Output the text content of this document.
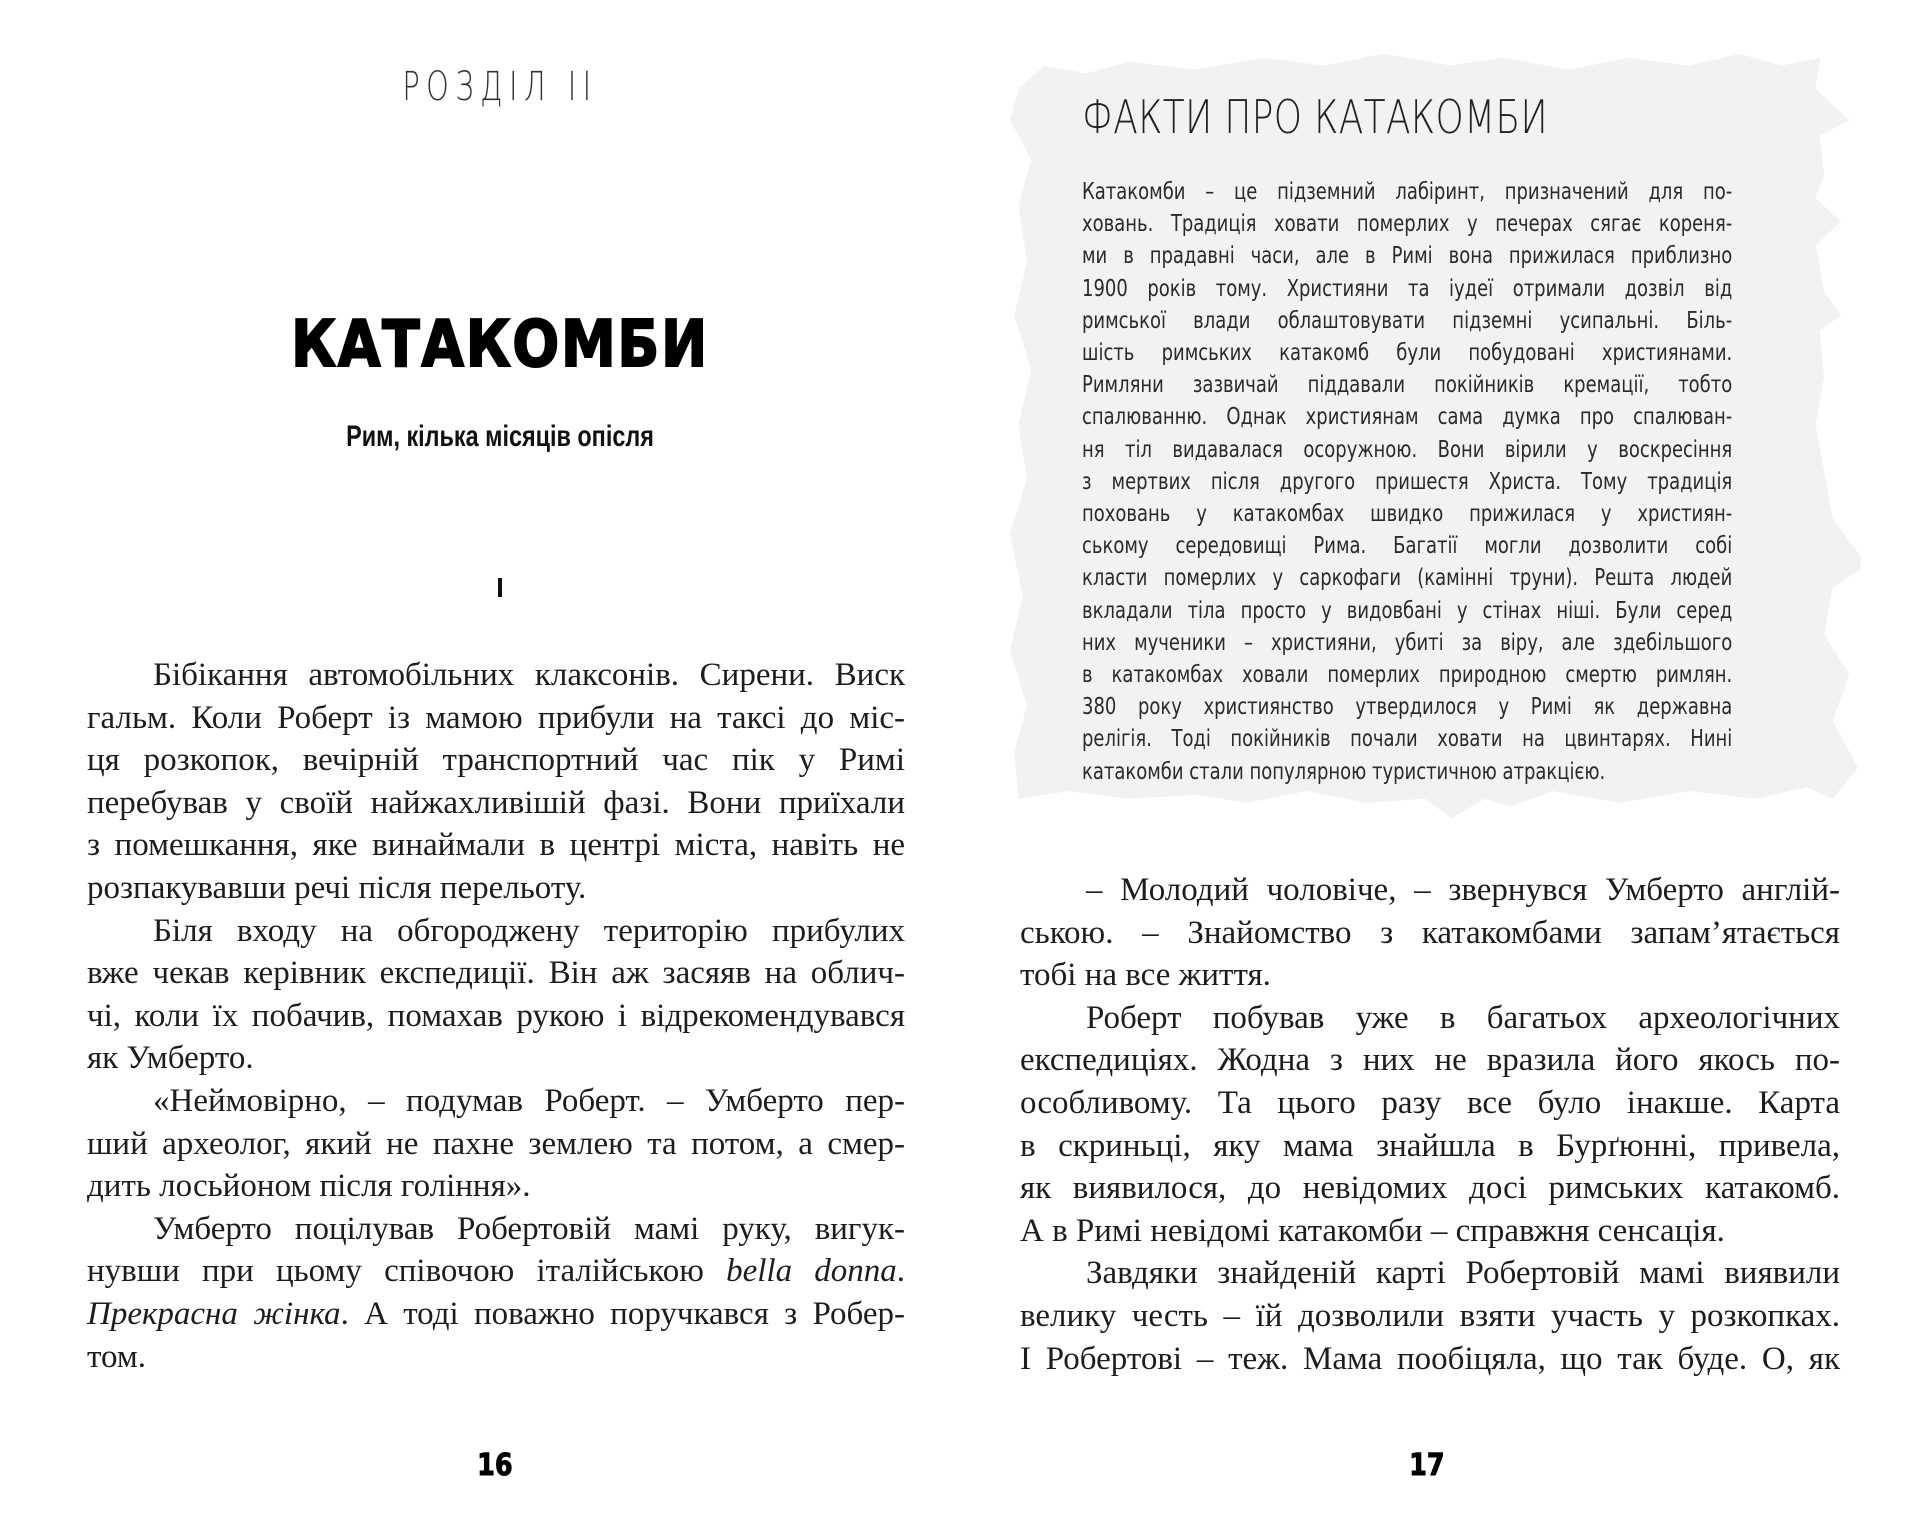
РОЗДІЛ II
КАТАКОМБИ
Рим, кілька місяців опісля
I
Бібікання автомобільних клаксонів. Сирени. Виск
гальм. Коли Роберт із мамою прибули на таксі до міс-
ця розкопок, вечірній транспортний час пік у Римі
перебував у своїй найжахливішій фазі. Вони приїхали
з помешкання, яке винаймали в центрі міста, навіть не
розпакувавши речі після перельоту.
Біля входу на обгороджену територію прибулих
вже чекав керівник експедиції. Він аж засяяв на облич-
чі, коли їх побачив, помахав рукою і відрекомендувався
як Умберто.
«Неймовірно, – подумав Роберт. – Умберто пер-
ший археолог, який не пахне землею та потом, а смер-
дить лосьйоном після гоління».
Умберто поцілував Робертовій мамі руку, вигук-
нувши при цьому співочою італійською bella donna.
Прекрасна жінка. А тоді поважно поручкався з Робер-
том.
16
ФАКТИ ПРО КАТАКОМБИ
Катакомби – це підземний лабіринт, призначений для по-
ховань. Традиція ховати померлих у печерах сягає кореня-
ми в прадавні часи, але в Римі вона прижилася приблизно
1900 років тому. Християни та іудеї отримали дозвіл від
римської влади облаштовувати підземні усипальні. Біль-
шість римських катакомб були побудовані християнами.
Римляни зазвичай піддавали покійників кремації, тобто
спалюванню. Однак християнам сама думка про спалюван-
ня тіл видавалася осоружною. Вони вірили у воскресіння
з мертвих після другого пришестя Христа. Тому традиція
поховань у катакомбах швидко прижилася у християн-
ському середовищі Рима. Багатії могли дозволити собі
класти померлих у саркофаги (камінні труни). Решта людей
вкладали тіла просто у видовбані у стінах ніші. Були серед
них мученики – християни, убиті за віру, але здебільшого
в катакомбах ховали померлих природною смертю римлян.
380 року християнство утвердилося у Римі як державна
релігія. Тоді покійників почали ховати на цвинтарях. Нині
катакомби стали популярною туристичною атракцією.
– Молодий чоловіче, – звернувся Умберто англій-
ською. – Знайомство з катакомбами запам’ятається
тобі на все життя.
Роберт побував уже в багатьох археологічних
експедиціях. Жодна з них не вразила його якось по-
особливому. Та цього разу все було інакше. Карта
в скриньці, яку мама знайшла в Бурґюнні, привела,
як виявилося, до невідомих досі римських катакомб.
А в Римі невідомі катакомби – справжня сенсація.
Завдяки знайденій карті Робертовій мамі виявили
велику честь – їй дозволили взяти участь у розкопках.
І Робертові – теж. Мама пообіцяла, що так буде. О, як
17
